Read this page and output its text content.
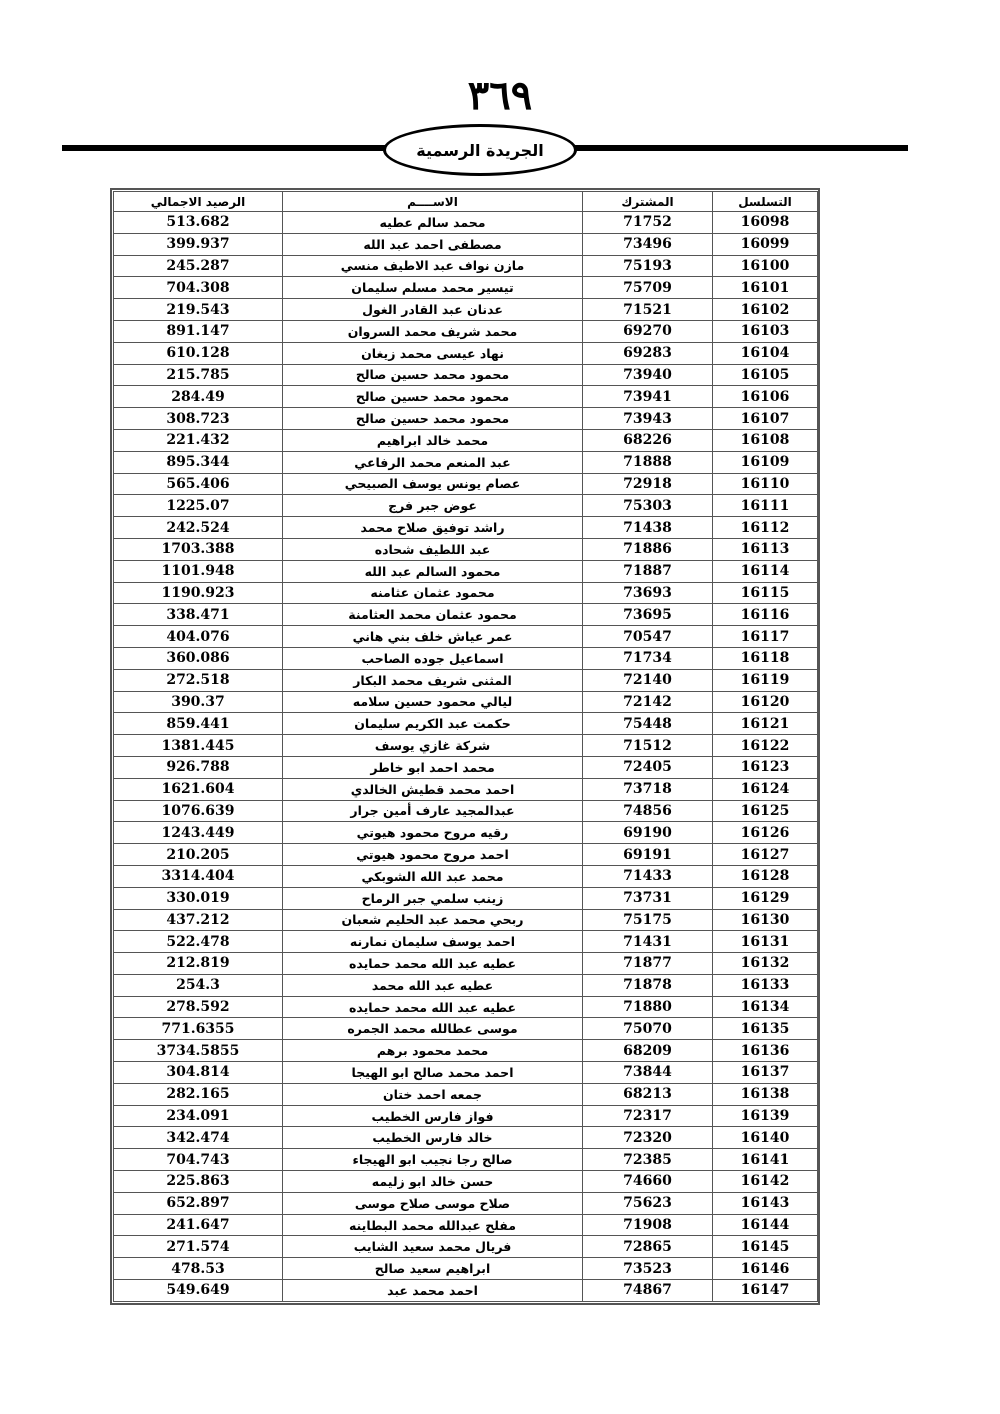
٣٦٩
الجريدة الرسمية
التسلسل	المشترك	الاســــم	الرصيد الاجمالي
16098	71752	محمد سالم عطيه	513.682
16099	73496	مصطفى احمد عبد الله	399.937
16100	75193	مازن نواف عبد الاطيف منسي	245.287
16101	75709	تيسير محمد مسلم سليمان	704.308
16102	71521	عدنان عبد القادر الغول	219.543
16103	69270	محمد شريف محمد السروان	891.147
16104	69283	نهاد عيسى محمد زيغان	610.128
16105	73940	محمود محمد حسين صالح	215.785
16106	73941	محمود محمد حسين صالح	284.49
16107	73943	محمود محمد حسين صالح	308.723
16108	68226	محمد خالد ابراهيم	221.432
16109	71888	عبد المنعم محمد الرفاعي	895.344
16110	72918	عصام يونس يوسف الصبيحي	565.406
16111	75303	عوض جبر فرج	1225.07
16112	71438	راشد توفيق صلاح محمد	242.524
16113	71886	عبد اللطيف شحاده	1703.388
16114	71887	محمود السالم عبد الله	1101.948
16115	73693	محمود عثمان عثامنه	1190.923
16116	73695	محمود عثمان محمد العثامنة	338.471
16117	70547	عمر عياش خلف بني هاني	404.076
16118	71734	اسماعيل جوده الصاحب	360.086
16119	72140	المثنى شريف محمد البكار	272.518
16120	72142	ليالي محمود حسين سلامه	390.37
16121	75448	حكمت عبد الكريم سليمان	859.441
16122	71512	شركة غازي يوسف	1381.445
16123	72405	محمد احمد ابو خاطر	926.788
16124	73718	احمد محمد قطيش الخالدي	1621.604
16125	74856	عبدالمجيد عارف أمين جرار	1076.639
16126	69190	رقيه مروح محمود هيوتي	1243.449
16127	69191	احمد مروح محمود هيوتي	210.205
16128	71433	محمد عبد الله الشوبكي	3314.404
16129	73731	زينب سلمي جبر الرماح	330.019
16130	75175	ربحي محمد عبد الحليم شعبان	437.212
16131	71431	احمد يوسف سليمان نمارنه	522.478
16132	71877	عطيه عبد الله محمد حمايده	212.819
16133	71878	عطيه عبد الله محمد	254.3
16134	71880	عطيه عبد الله محمد حمايده	278.592
16135	75070	موسى عطالله محمد الجمره	771.6355
16136	68209	محمد محمود برهم	3734.5855
16137	73844	احمد محمد صالح ابو الهيجا	304.814
16138	68213	جمعه احمد ختان	282.165
16139	72317	فواز فارس الخطيب	234.091
16140	72320	خالد فارس الخطيب	342.474
16141	72385	صالح رجا نجيب ابو الهيجاء	704.743
16142	74660	حسن خالد ابو زليمه	225.863
16143	75623	صلاح موسى صلاح موسى	652.897
16144	71908	مفلح عبدالله محمد البطاينه	241.647
16145	72865	فريال محمد سعيد الشايب	271.574
16146	73523	ابراهيم سعيد صالح	478.53
16147	74867	احمد محمد عبد	549.649
